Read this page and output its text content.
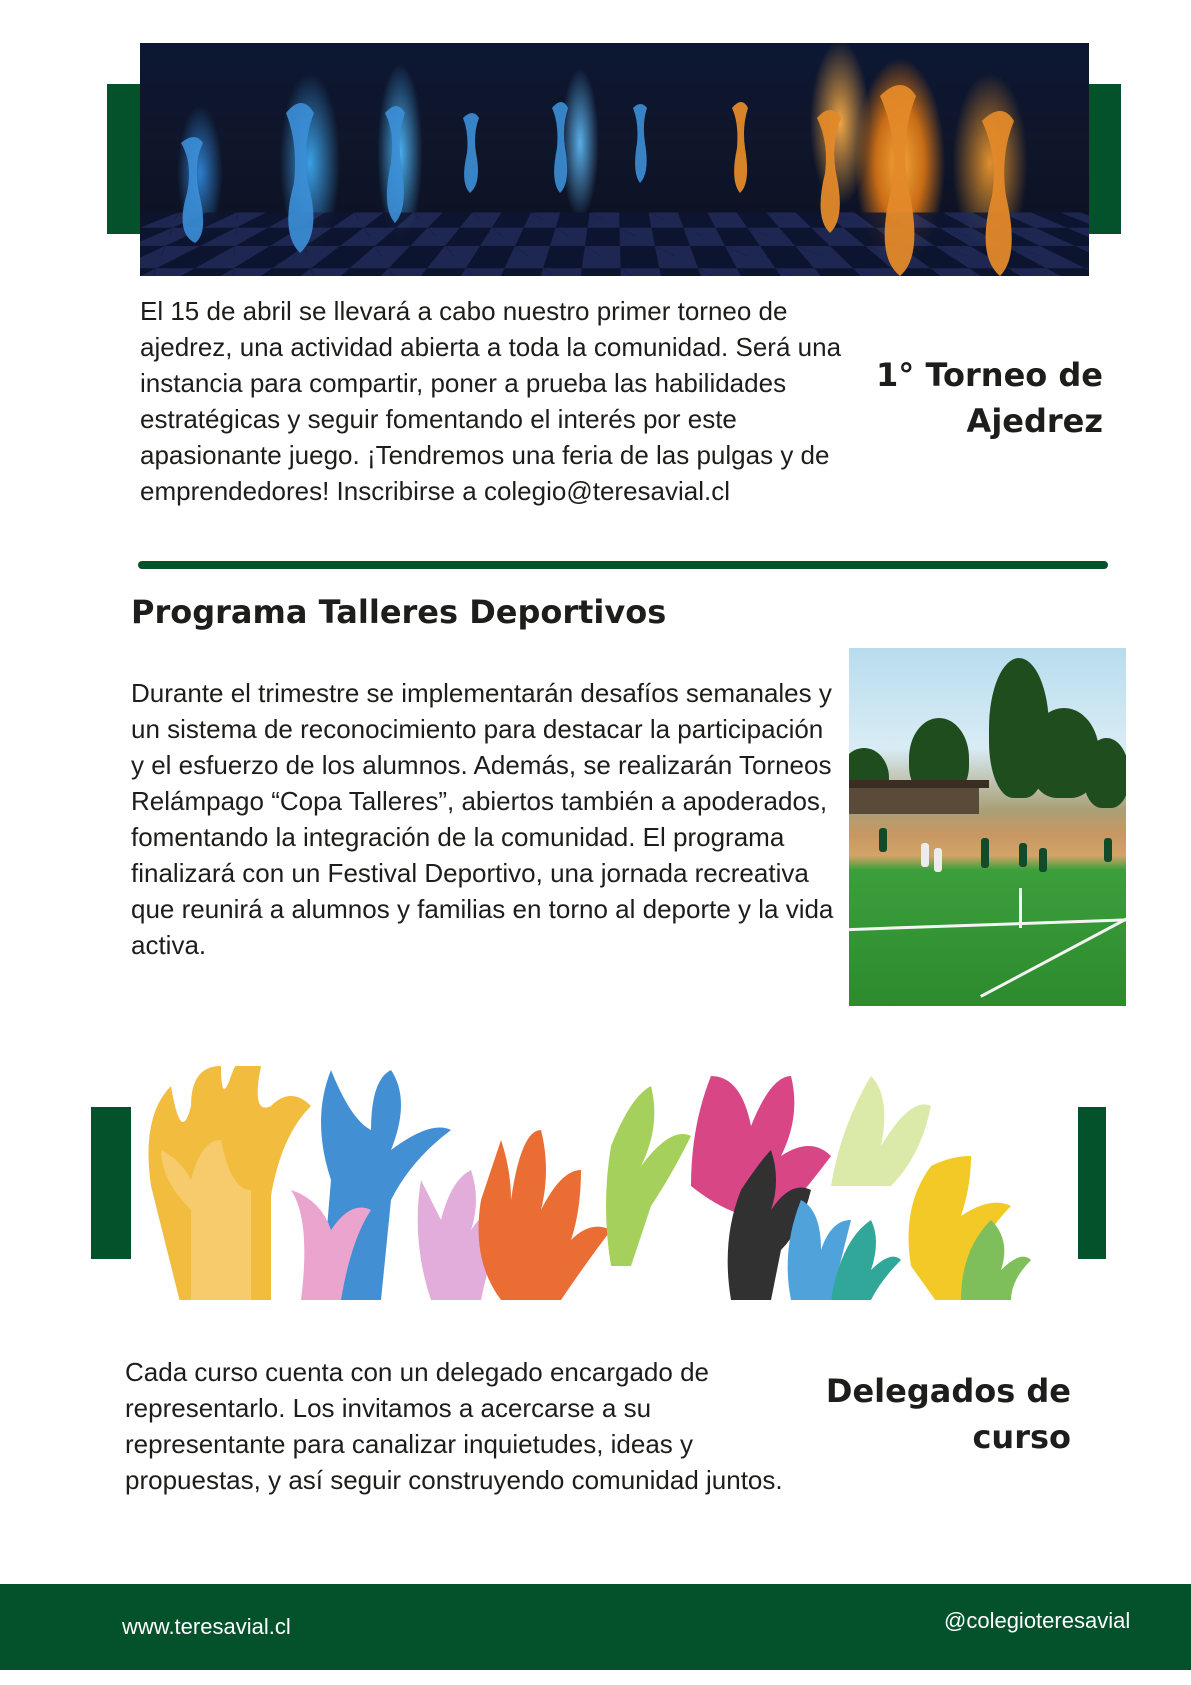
El 15 de abril se llevará a cabo nuestro primer torneo de ajedrez, una actividad abierta a toda la comunidad. Será una instancia para compartir, poner a prueba las habilidades estratégicas y seguir fomentando el interés por este apasionante juego. ¡Tendremos una feria de las pulgas y de emprendedores! Inscribirse a colegio@teresavial.cl
1° Torneo de
Ajedrez
Programa Talleres Deportivos
Durante el trimestre se implementarán desafíos semanales y un sistema de reconocimiento para destacar la participación y el esfuerzo de los alumnos. Además, se realizarán Torneos Relámpago “Copa Talleres”, abiertos también a apoderados, fomentando la integración de la comunidad. El programa finalizará con un Festival Deportivo, una jornada recreativa que reunirá a alumnos y familias en torno al deporte y la vida activa.
Cada curso cuenta con un delegado encargado de representarlo. Los invitamos a acercarse a su representante para canalizar inquietudes, ideas y propuestas, y así seguir construyendo comunidad juntos.
Delegados de
curso
www.teresavial.cl	@colegioteresavial
